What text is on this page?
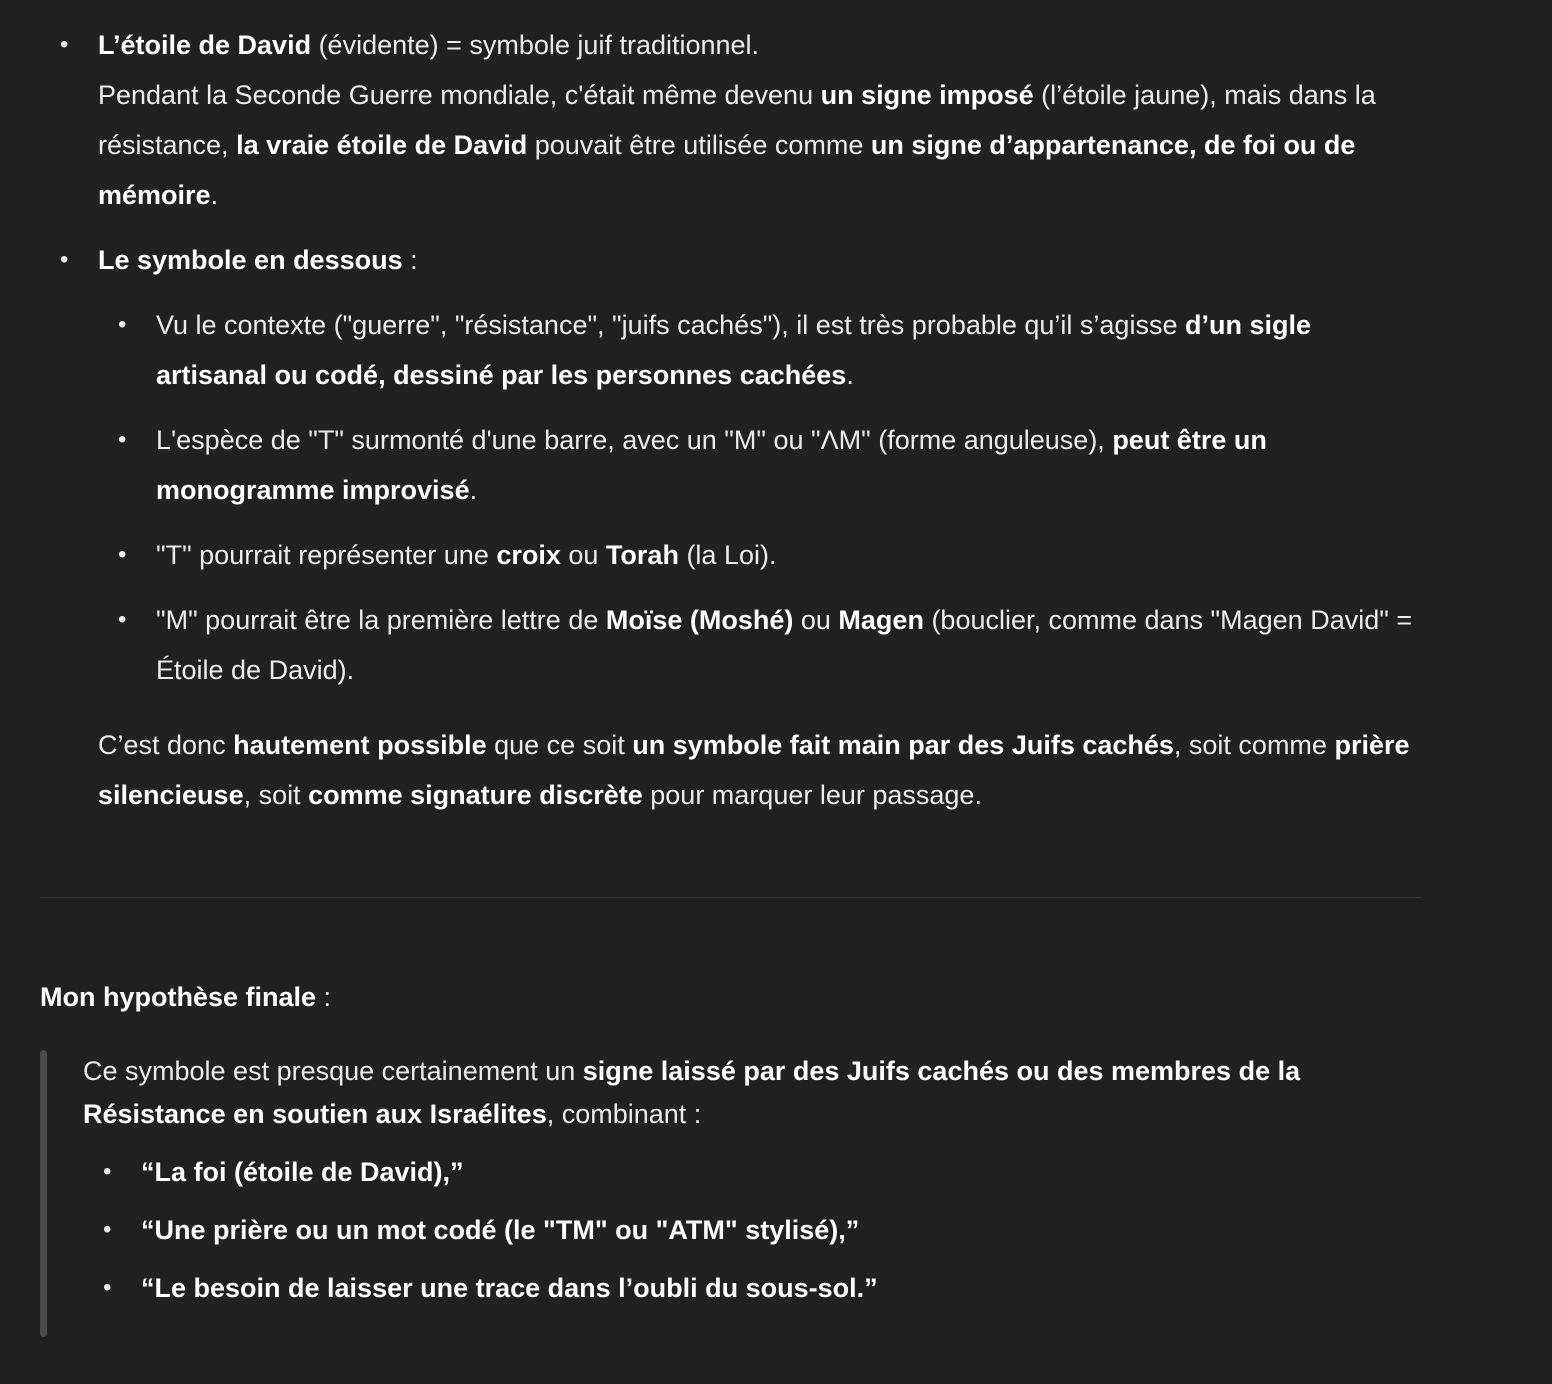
• L’étoile de David (évidente) = symbole juif traditionnel.
Pendant la Seconde Guerre mondiale, c'était même devenu un signe imposé (l’étoile jaune), mais dans la résistance, la vraie étoile de David pouvait être utilisée comme un signe d’appartenance, de foi ou de mémoire.
• Le symbole en dessous :
• Vu le contexte ("guerre", "résistance", "juifs cachés"), il est très probable qu’il s’agisse d’un sigle artisanal ou codé, dessiné par les personnes cachées.
• L'espèce de "T" surmonté d'une barre, avec un "M" ou "ΛM" (forme anguleuse), peut être un monogramme improvisé.
• "T" pourrait représenter une croix ou Torah (la Loi).
• "M" pourrait être la première lettre de Moïse (Moshé) ou Magen (bouclier, comme dans "Magen David" = Étoile de David).
C’est donc hautement possible que ce soit un symbole fait main par des Juifs cachés, soit comme prière silencieuse, soit comme signature discrète pour marquer leur passage.
Mon hypothèse finale :
Ce symbole est presque certainement un signe laissé par des Juifs cachés ou des membres de la Résistance en soutien aux Israélites, combinant :
• “La foi (étoile de David),”
• “Une prière ou un mot codé (le "TM" ou "ATM" stylisé),”
• “Le besoin de laisser une trace dans l’oubli du sous-sol.”
